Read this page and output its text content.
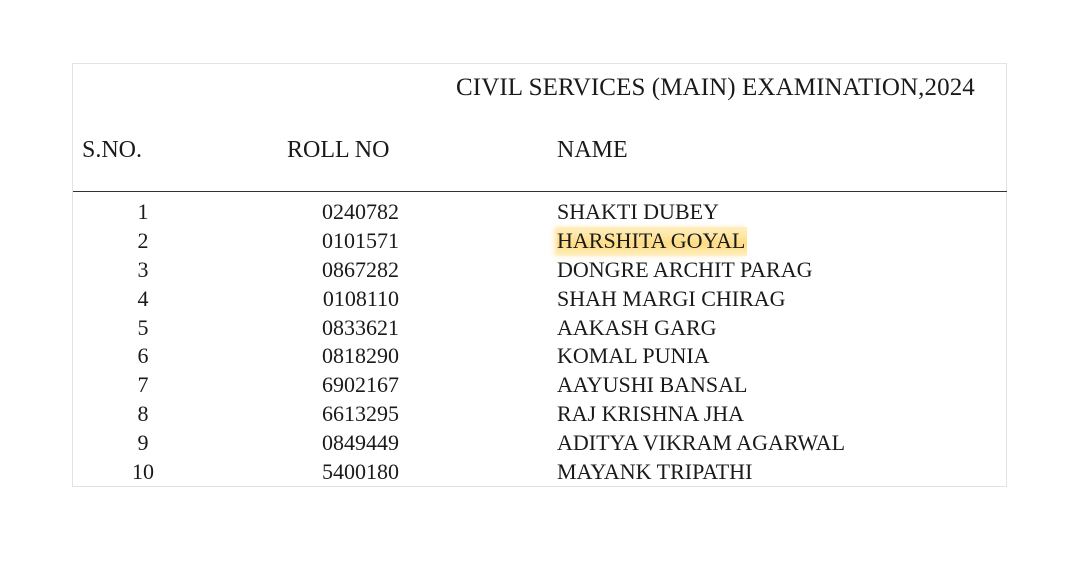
CIVIL SERVICES (MAIN) EXAMINATION,2024
S.NO.	ROLL NO	NAME
1	0240782	SHAKTI DUBEY
2	0101571	HARSHITA GOYAL
3	0867282	DONGRE ARCHIT PARAG
4	0108110	SHAH MARGI CHIRAG
5	0833621	AAKASH GARG
6	0818290	KOMAL PUNIA
7	6902167	AAYUSHI BANSAL
8	6613295	RAJ KRISHNA JHA
9	0849449	ADITYA VIKRAM AGARWAL
10	5400180	MAYANK TRIPATHI
